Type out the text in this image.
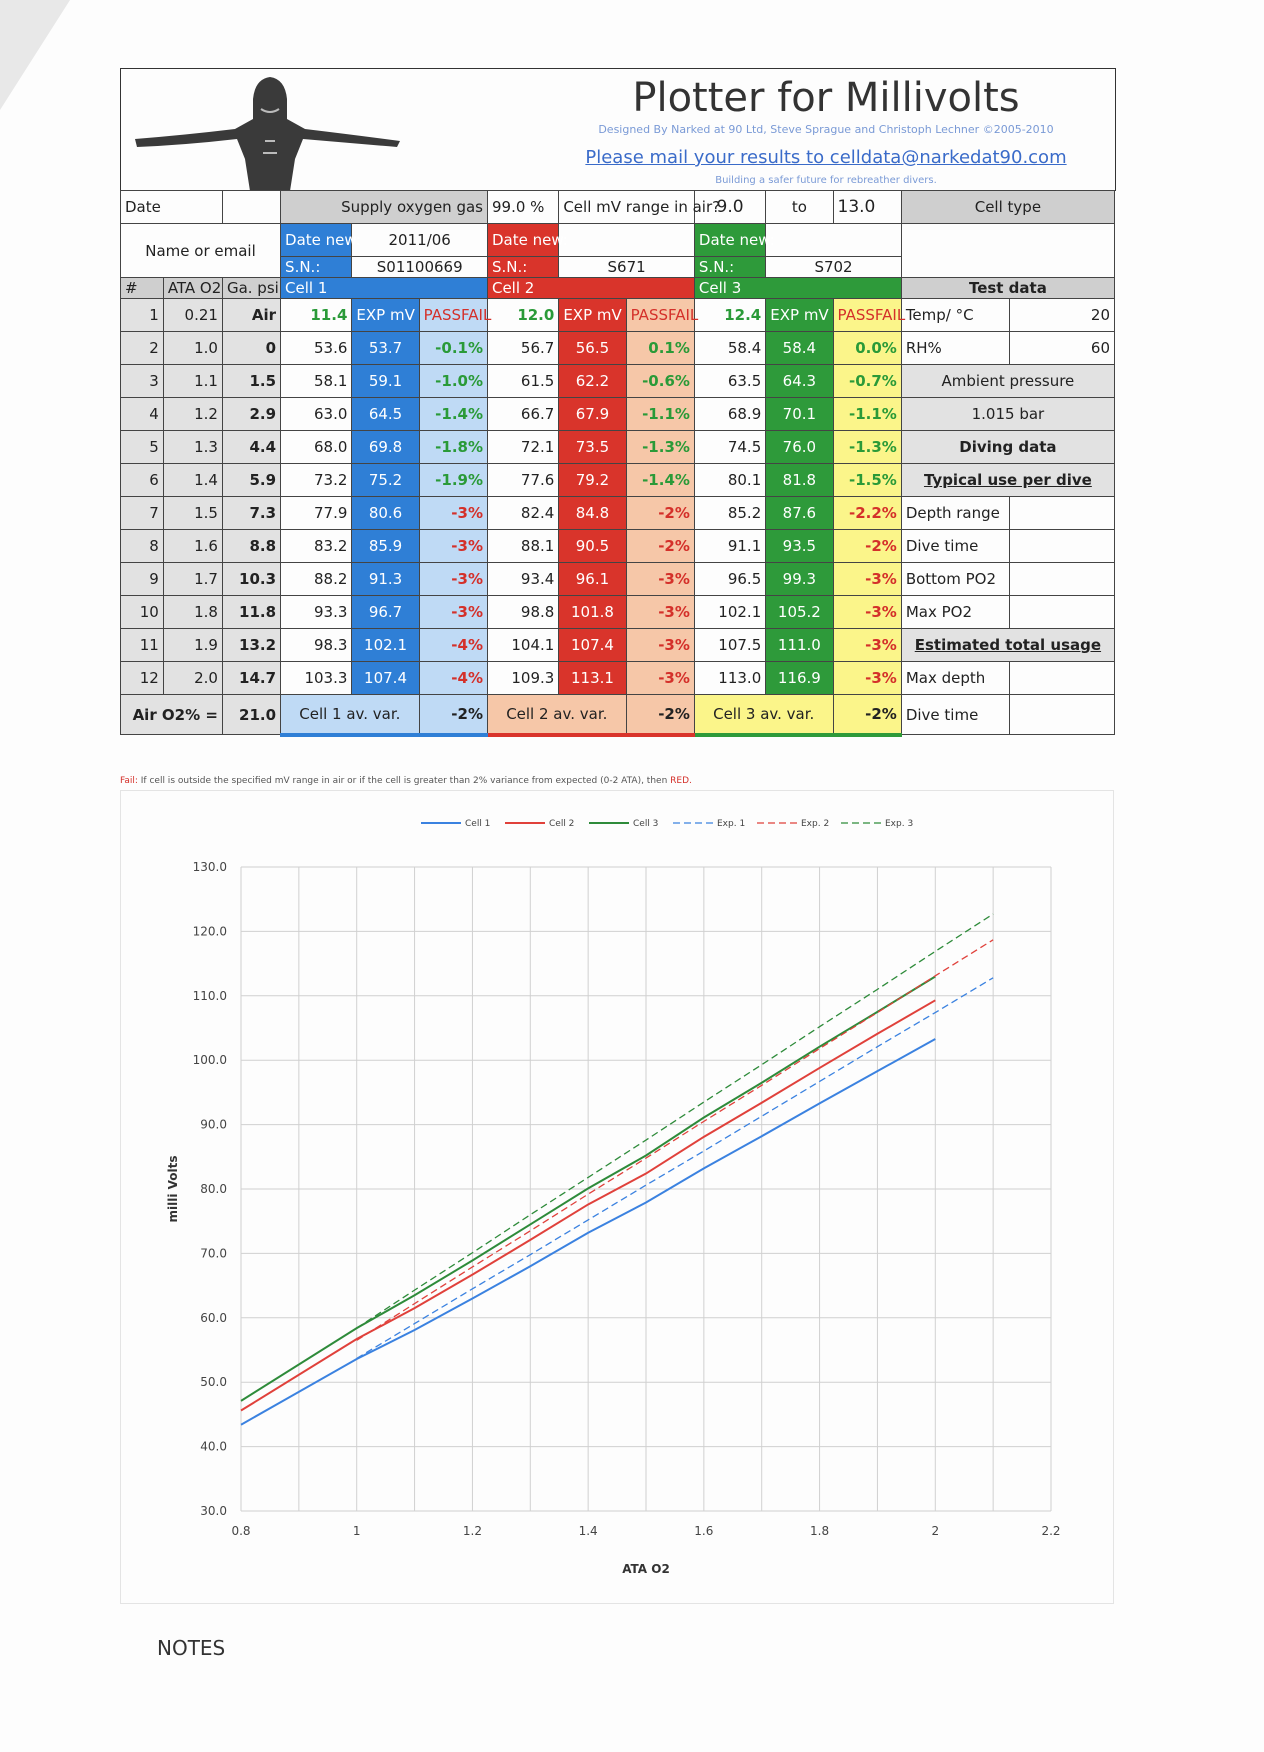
Plotter for Millivolts
Designed By Narked at 90 Ltd, Steve Sprague and Christoph Lechner ©2005-2010
Please mail your results to celldata@narkedat90.com
Building a safer future for rebreather divers.
Date			Supply oxygen gas			99.0 %	Cell mV range in air?		9.0	to	13.0	Cell type	
Name or email			Date new:	2011/06		Date new:			Date new:				
			S.N.:	S01100669		S.N.:	S671		S.N.:	S702			
#	ATA O2	Ga. psi	Cell 1			Cell 2			Cell 3			Test data	
1	0.21	Air	11.4	EXP mV	PASSFAIL	12.0	EXP mV	PASSFAIL	12.4	EXP mV	PASSFAIL	Temp/ °C	20
2	1.0	0	53.6	53.7	-0.1%	56.7	56.5	0.1%	58.4	58.4	0.0%	RH%	60
3	1.1	1.5	58.1	59.1	-1.0%	61.5	62.2	-0.6%	63.5	64.3	-0.7%	Ambient pressure	
4	1.2	2.9	63.0	64.5	-1.4%	66.7	67.9	-1.1%	68.9	70.1	-1.1%	1.015 bar	
5	1.3	4.4	68.0	69.8	-1.8%	72.1	73.5	-1.3%	74.5	76.0	-1.3%	Diving data	
6	1.4	5.9	73.2	75.2	-1.9%	77.6	79.2	-1.4%	80.1	81.8	-1.5%	Typical use per dive	
7	1.5	7.3	77.9	80.6	-3%	82.4	84.8	-2%	85.2	87.6	-2.2%	Depth range	
8	1.6	8.8	83.2	85.9	-3%	88.1	90.5	-2%	91.1	93.5	-2%	Dive time	
9	1.7	10.3	88.2	91.3	-3%	93.4	96.1	-3%	96.5	99.3	-3%	Bottom PO2	
10	1.8	11.8	93.3	96.7	-3%	98.8	101.8	-3%	102.1	105.2	-3%	Max PO2	
11	1.9	13.2	98.3	102.1	-4%	104.1	107.4	-3%	107.5	111.0	-3%	Estimated total usage	
12	2.0	14.7	103.3	107.4	-4%	109.3	113.1	-3%	113.0	116.9	-3%	Max depth	
Air O2% =		21.0	Cell 1 av. var.		-2%	Cell 2 av. var.		-2%	Cell 3 av. var.		-2%	Dive time	
Fail: If cell is outside the specified mV range in air or if the cell is greater than 2% variance from expected (0-2 ATA), then RED.
30.0
40.0
50.0
60.0
70.0
80.0
90.0
100.0
110.0
120.0
130.0
0.8	1	1.2	1.4	1.6	1.8	2	2.2
ATA O2
milli Volts
Cell 1	Cell 2	Cell 3	Exp. 1	Exp. 2	Exp. 3
NOTES
